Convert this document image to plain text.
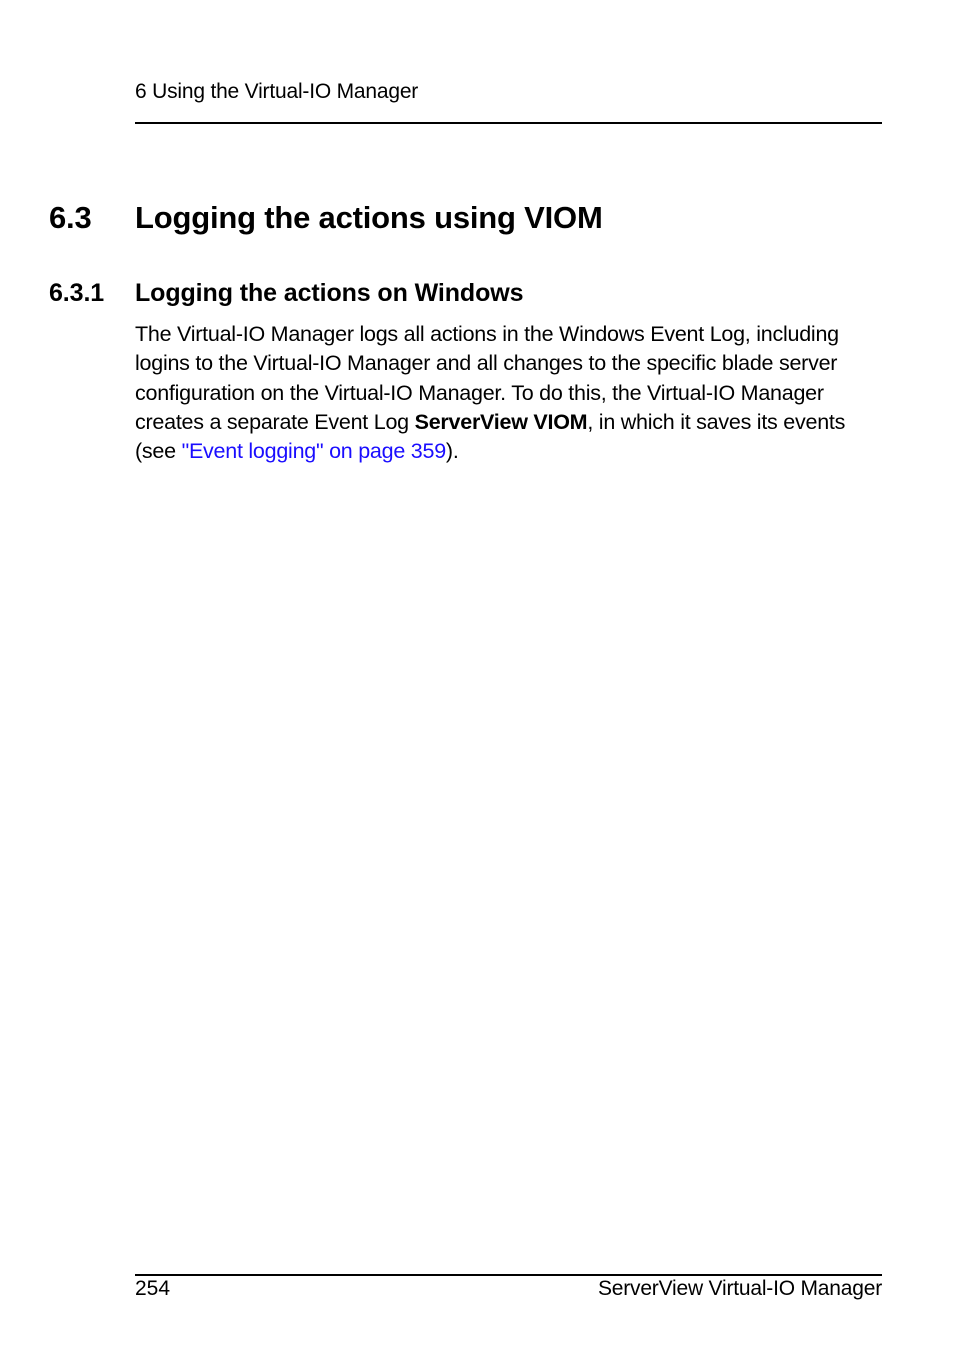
6 Using the Virtual-IO Manager
6.3 Logging the actions using VIOM
6.3.1 Logging the actions on Windows
The Virtual-IO Manager logs all actions in the Windows Event Log, including logins to the Virtual-IO Manager and all changes to the specific blade server configuration on the Virtual-IO Manager. To do this, the Virtual-IO Manager creates a separate Event Log ServerView VIOM, in which it saves its events (see "Event logging" on page 359).
254	ServerView Virtual-IO Manager
